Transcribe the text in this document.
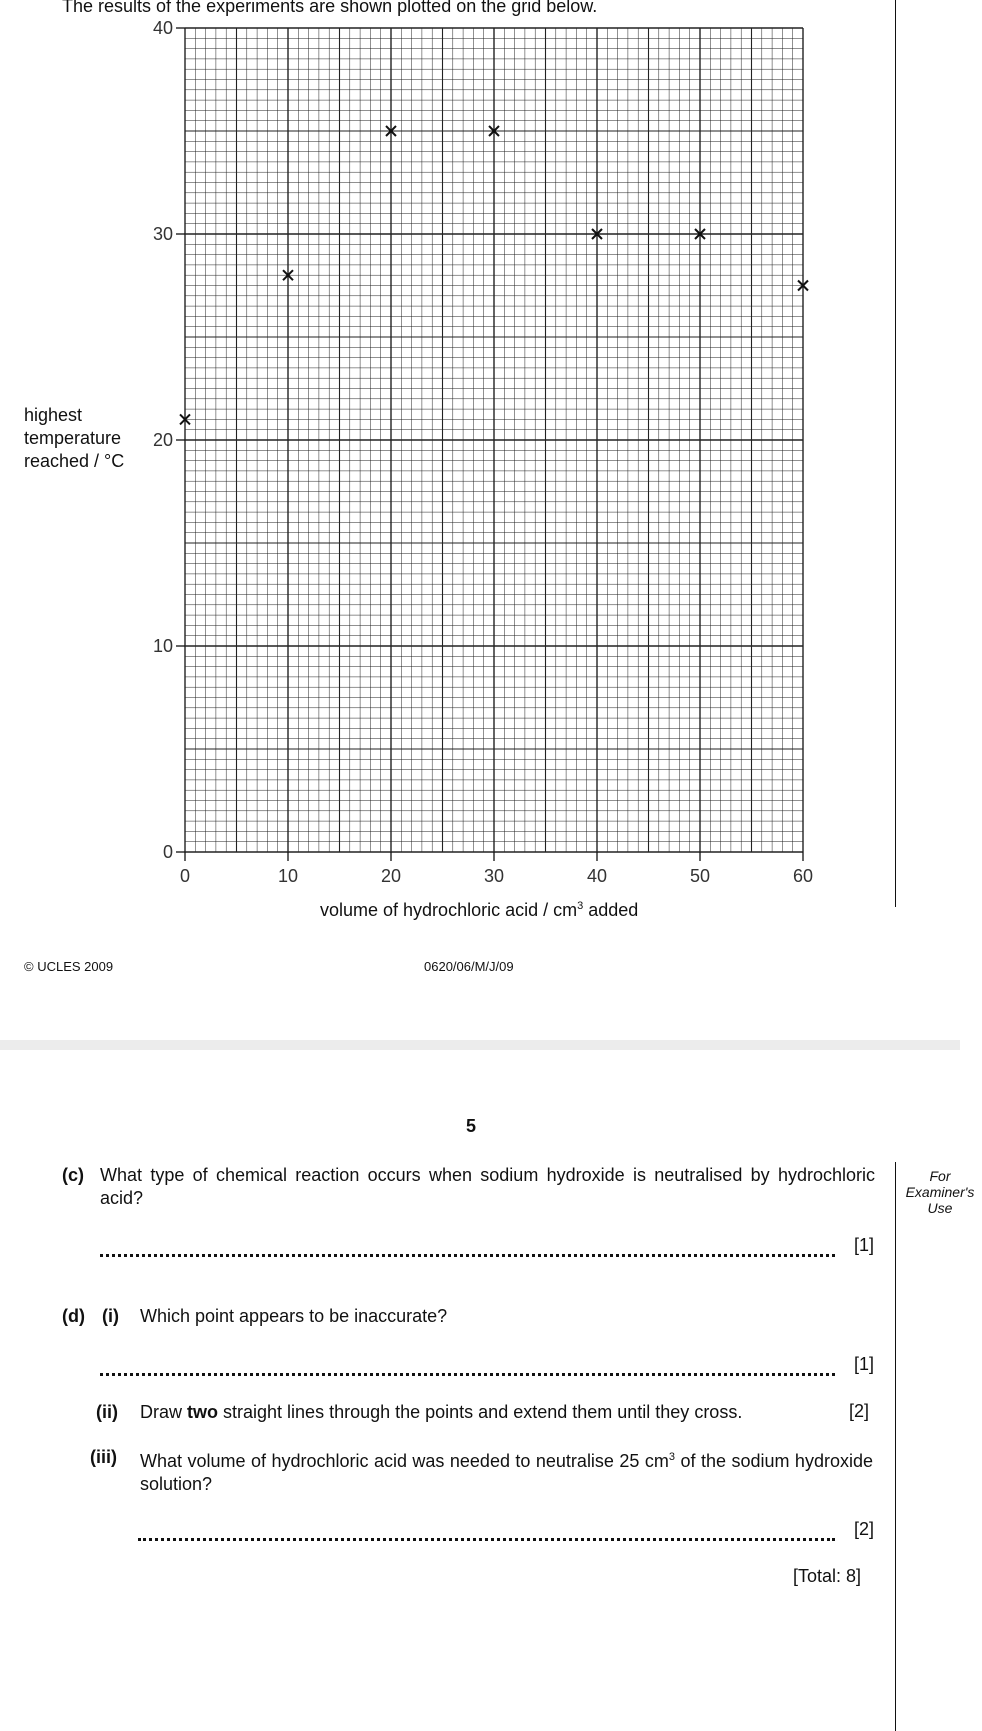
The results of the experiments are shown plotted on the grid below.
0	10	20	30	40	50	60
0
10
20
30
40
highest
temperature
reached / °C
volume of hydrochloric acid / $cm^3$ added
© UCLES 2009	0620/06/M/J/09
5
For
Examiner's
Use
(c) What type of chemical reaction occurs when sodium hydroxide is neutralised by hydrochloric acid?
[1]
(d) (i) Which point appears to be inaccurate?
[1]
(ii) Draw two straight lines through the points and extend them until they cross.	[2]
(iii) What volume of hydrochloric acid was needed to neutralise 25 $cm^3$ of the sodium hydroxide solution?
[2]
[Total: 8]
